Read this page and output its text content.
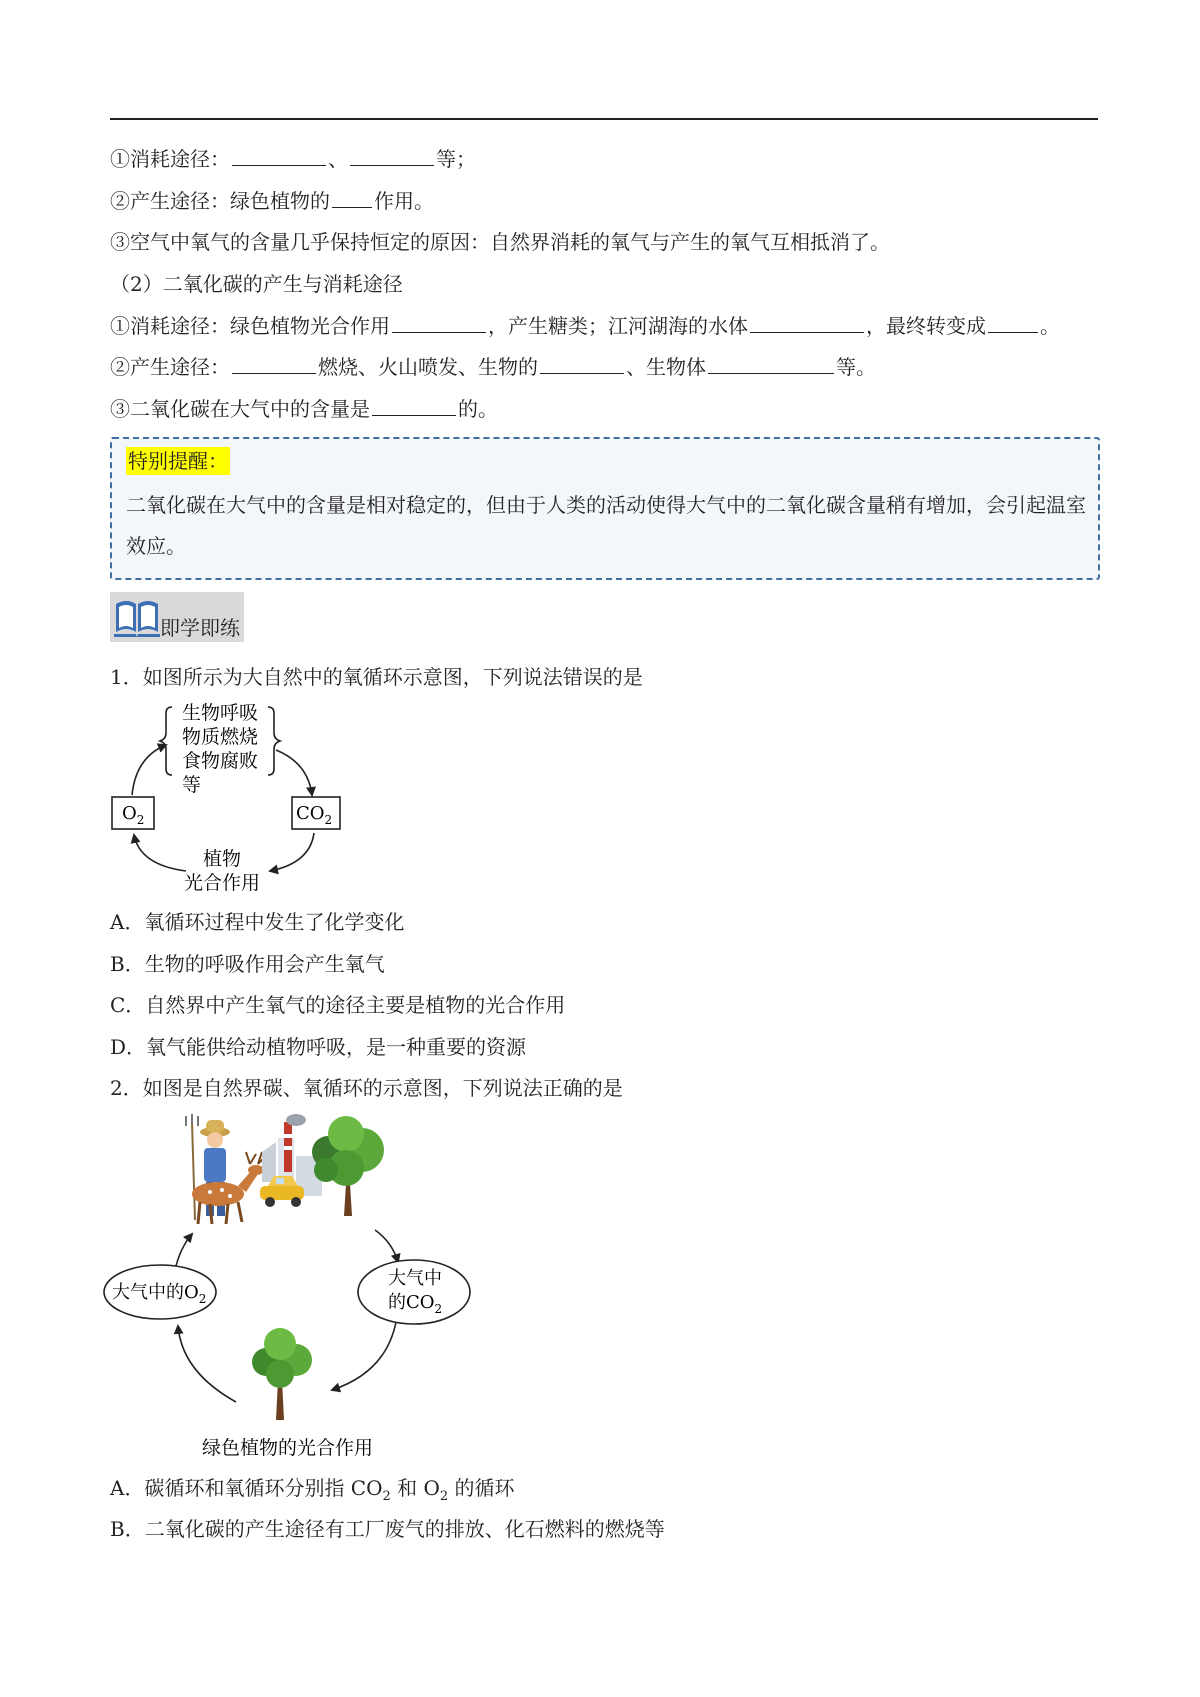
①消耗途径：	、	等；
②产生途径：绿色植物的 作用。
③空气中氧气的含量几乎保持恒定的原因：自然界消耗的氧气与产生的氧气互相抵消了。
（2）二氧化碳的产生与消耗途径
①消耗途径：绿色植物光合作用	，产生糖类；江河湖海的水体	，最终转变成	。
②产生途径：	燃烧、火山喷发、生物的	、生物体	等。
③二氧化碳在大气中的含量是	的。
特别提醒：
二氧化碳在大气中的含量是相对稳定的，但由于人类的活动使得大气中的二氧化碳含量稍有增加，会引起温室效应。
即学即练
1．如图所示为大自然中的氧循环示意图，下列说法错误的是
生物呼吸
物质燃烧
食物腐败
等
$O_2$	$CO_2$
植物
光合作用
A．氧循环过程中发生了化学变化
B．生物的呼吸作用会产生氧气
C．自然界中产生氧气的途径主要是植物的光合作用
D．氧气能供给动植物呼吸，是一种重要的资源
2．如图是自然界碳、氧循环的示意图，下列说法正确的是
大气中的$O_2$
大气中
的$CO_2$
绿色植物的光合作用
A．碳循环和氧循环分别指 $CO_2$ 和 $O_2$ 的循环
B．二氧化碳的产生途径有工厂废气的排放、化石燃料的燃烧等
